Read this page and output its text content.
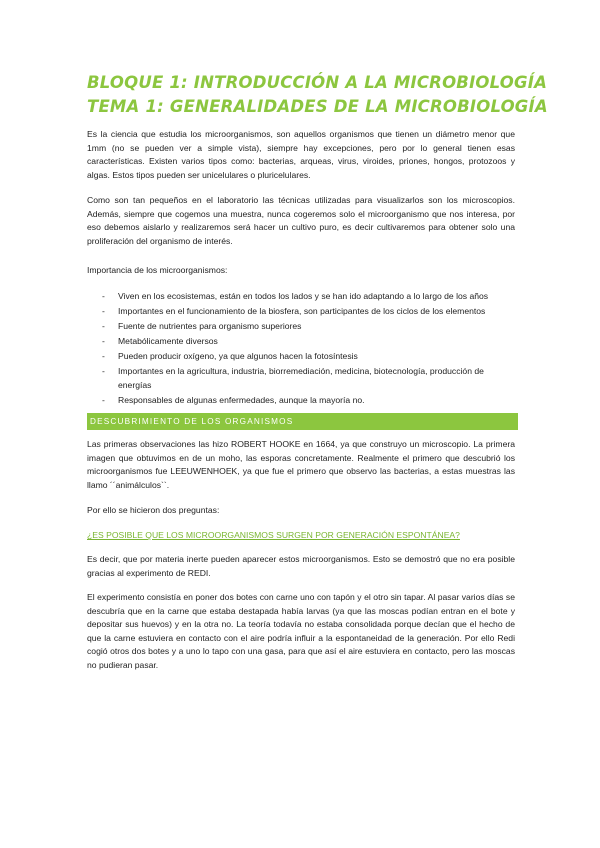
BLOQUE 1: INTRODUCCIÓN A LA MICROBIOLOGÍA
TEMA 1: GENERALIDADES DE LA MICROBIOLOGÍA

Es la ciencia que estudia los microorganismos, son aquellos organismos que tienen un diámetro menor que 1mm (no se pueden ver a simple vista), siempre hay excepciones, pero por lo general tienen esas características. Existen varios tipos como: bacterias, arqueas, virus, viroides, priones, hongos, protozoos y algas. Estos tipos pueden ser unicelulares o pluricelulares.

Como son tan pequeños en el laboratorio las técnicas utilizadas para visualizarlos son los microscopios. Además, siempre que cogemos una muestra, nunca cogeremos solo el microorganismo que nos interesa, por eso debemos aislarlo y realizaremos será hacer un cultivo puro, es decir cultivaremos para obtener solo una proliferación del organismo de interés.

Importancia de los microorganismos:

- Viven en los ecosistemas, están en todos los lados y se han ido adaptando a lo largo de los años
- Importantes en el funcionamiento de la biosfera, son participantes de los ciclos de los elementos
- Fuente de nutrientes para organismo superiores
- Metabólicamente diversos
- Pueden producir oxígeno, ya que algunos hacen la fotosíntesis
- Importantes en la agricultura, industria, biorremediación, medicina, biotecnología, producción de energías
- Responsables de algunas enfermedades, aunque la mayoría no.
DESCUBRIMIENTO DE LOS ORGANISMOS

Las primeras observaciones las hizo ROBERT HOOKE en 1664, ya que construyo un microscopio. La primera imagen que obtuvimos en de un moho, las esporas concretamente. Realmente el primero que descubrió los microorganismos fue LEEUWENHOEK, ya que fue el primero que observo las bacterias, a estas muestras las llamo ´´animálculos``.

Por ello se hicieron dos preguntas:

¿ES POSIBLE QUE LOS MICROORGANISMOS SURGEN POR GENERACIÓN ESPONTÁNEA?

Es decir, que por materia inerte pueden aparecer estos microorganismos. Esto se demostró que no era posible gracias al experimento de REDI.

El experimento consistía en poner dos botes con carne uno con tapón y el otro sin tapar. Al pasar varios días se descubría que en la carne que estaba destapada había larvas (ya que las moscas podían entran en el bote y depositar sus huevos) y en la otra no. La teoría todavía no estaba consolidada porque decían que el hecho de que la carne estuviera en contacto con el aire podría influir a la espontaneidad de la generación. Por ello Redi cogió otros dos botes y a uno lo tapo con una gasa, para que así el aire estuviera en contacto, pero las moscas no pudieran pasar.
